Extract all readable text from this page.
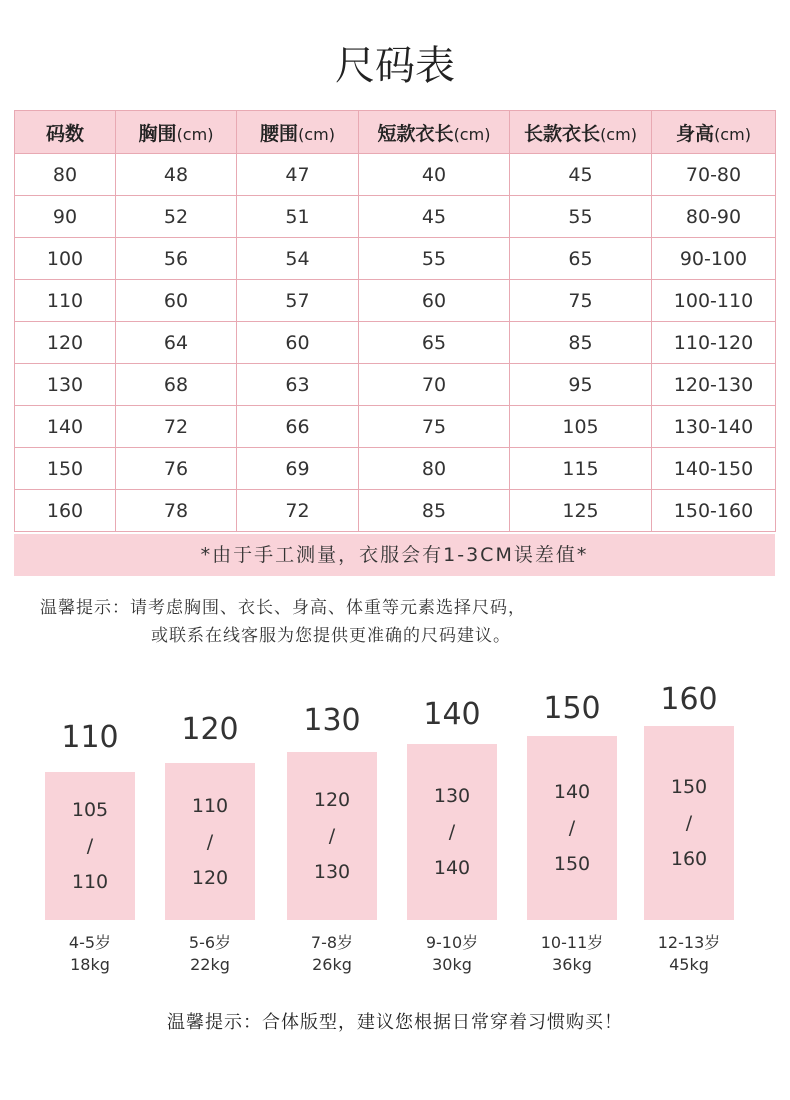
尺码表
码数	胸围(cm)	腰围(cm)	短款衣长(cm)	长款衣长(cm)	身高(cm)
80	48	47	40	45	70-80
90	52	51	45	55	80-90
100	56	54	55	65	90-100
110	60	57	60	75	100-110
120	64	60	65	85	110-120
130	68	63	70	95	120-130
140	72	66	75	105	130-140
150	76	69	80	115	140-150
160	78	72	85	125	150-160
*由于手工测量，衣服会有1-3CM误差值*
温馨提示：请考虑胸围、衣长、身高、体重等元素选择尺码，
或联系在线客服为您提供更准确的尺码建议。
110
105
/
110
4-5岁
18kg
120
110
/
120
5-6岁
22kg
130
120
/
130
7-8岁
26kg
140
130
/
140
9-10岁
30kg
150
140
/
150
10-11岁
36kg
160
150
/
160
12-13岁
45kg
温馨提示：合体版型，建议您根据日常穿着习惯购买！
